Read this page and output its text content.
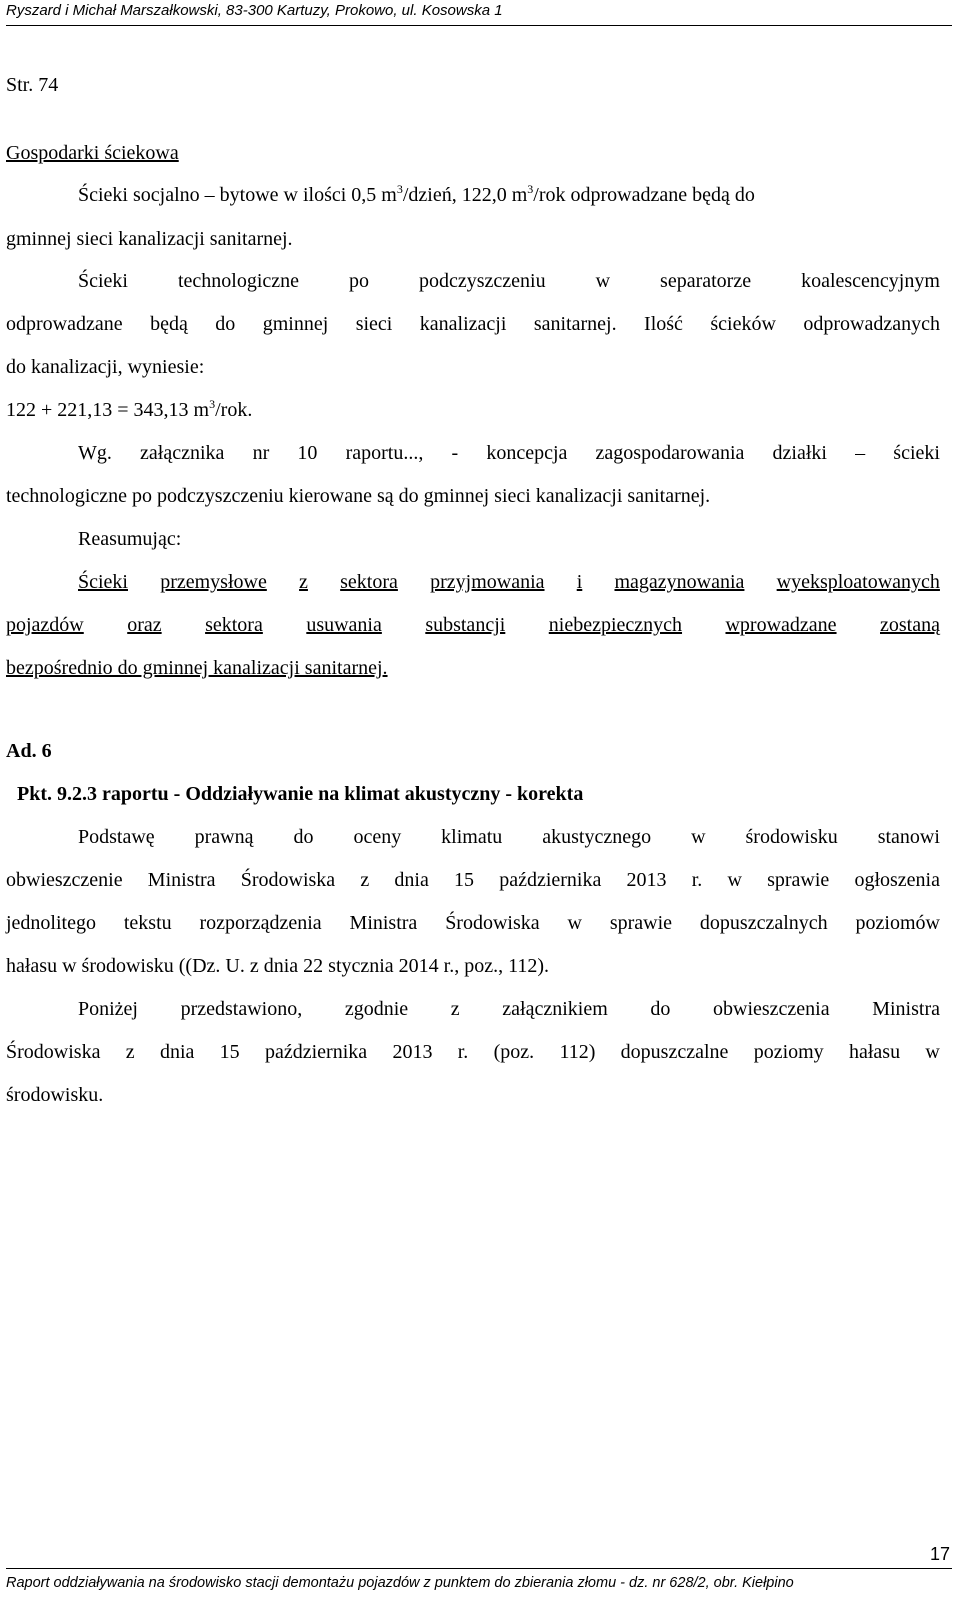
Ryszard i Michał Marszałkowski, 83-300 Kartuzy, Prokowo, ul. Kosowska 1
Str. 74
Gospodarki ściekowa
Ścieki socjalno – bytowe w ilości 0,5 $m^3$/dzień, 122,0 $m^3$/rok odprowadzane będą do
gminnej sieci kanalizacji sanitarnej.
Ścieki technologiczne po podczyszczeniu w separatorze koalescencyjnym
odprowadzane będą do gminnej sieci kanalizacji sanitarnej. Ilość ścieków odprowadzanych
do kanalizacji, wyniesie:
122 + 221,13 = 343,13 $m^3$/rok.
Wg. załącznika nr 10 raportu..., - koncepcja zagospodarowania działki – ścieki
technologiczne po podczyszczeniu kierowane są do gminnej sieci kanalizacji sanitarnej.
Reasumując:
Ścieki przemysłowe z sektora przyjmowania i magazynowania wyeksploatowanych
pojazdów oraz sektora usuwania substancji niebezpiecznych wprowadzane zostaną
bezpośrednio do gminnej kanalizacji sanitarnej.
Ad. 6
Pkt. 9.2.3 raportu - Oddziaływanie na klimat akustyczny - korekta
Podstawę prawną do oceny klimatu akustycznego w środowisku stanowi
obwieszczenie Ministra Środowiska z dnia 15 października 2013 r. w sprawie ogłoszenia
jednolitego tekstu rozporządzenia Ministra Środowiska w sprawie dopuszczalnych poziomów
hałasu w środowisku ((Dz. U. z dnia 22 stycznia 2014 r., poz., 112).
Poniżej przedstawiono, zgodnie z załącznikiem do obwieszczenia Ministra
Środowiska z dnia 15 października 2013 r. (poz. 112) dopuszczalne poziomy hałasu w
środowisku.
17
Raport oddziaływania na środowisko stacji demontażu pojazdów z punktem do zbierania złomu - dz. nr 628/2, obr. Kiełpino
